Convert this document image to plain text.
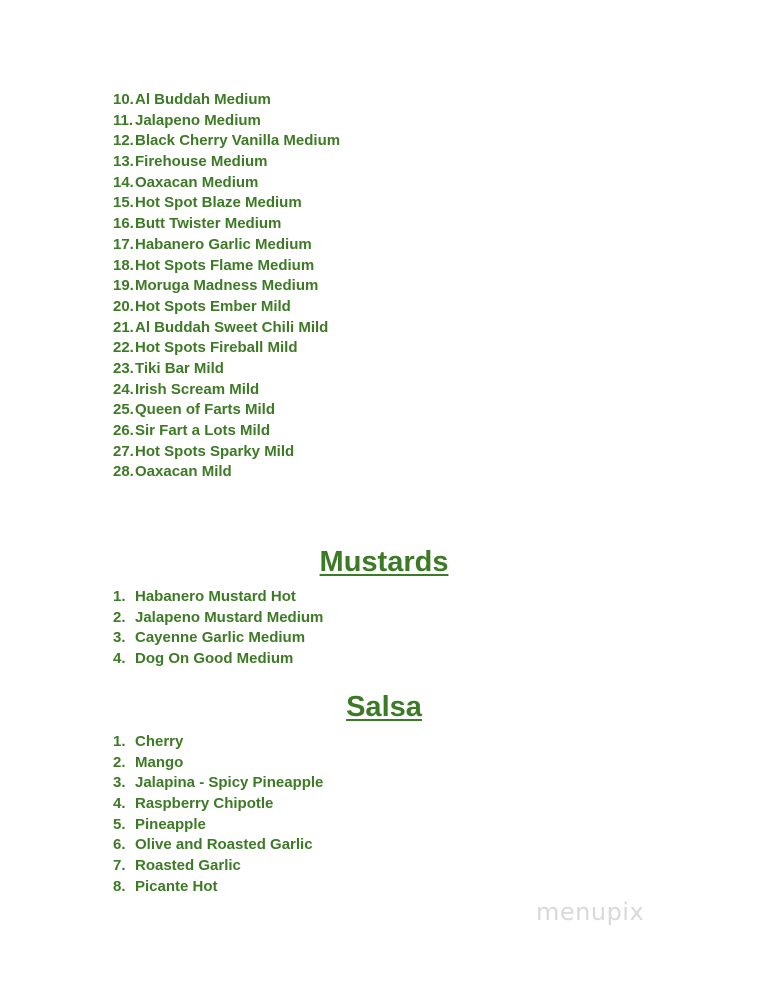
10. Al Buddah Medium
11. Jalapeno Medium
12. Black Cherry Vanilla Medium
13. Firehouse Medium
14. Oaxacan Medium
15. Hot Spot Blaze Medium
16. Butt Twister Medium
17. Habanero Garlic Medium
18. Hot Spots Flame Medium
19. Moruga Madness Medium
20. Hot Spots Ember Mild
21. Al Buddah Sweet Chili Mild
22. Hot Spots Fireball Mild
23. Tiki Bar Mild
24. Irish Scream Mild
25. Queen of Farts Mild
26. Sir Fart a Lots Mild
27. Hot Spots Sparky Mild
28. Oaxacan Mild
Mustards
1. Habanero Mustard Hot
2. Jalapeno Mustard Medium
3. Cayenne Garlic Medium
4. Dog On Good Medium
Salsa
1. Cherry
2. Mango
3. Jalapina - Spicy Pineapple
4. Raspberry Chipotle
5. Pineapple
6. Olive and Roasted Garlic
7. Roasted Garlic
8. Picante Hot
menupix
